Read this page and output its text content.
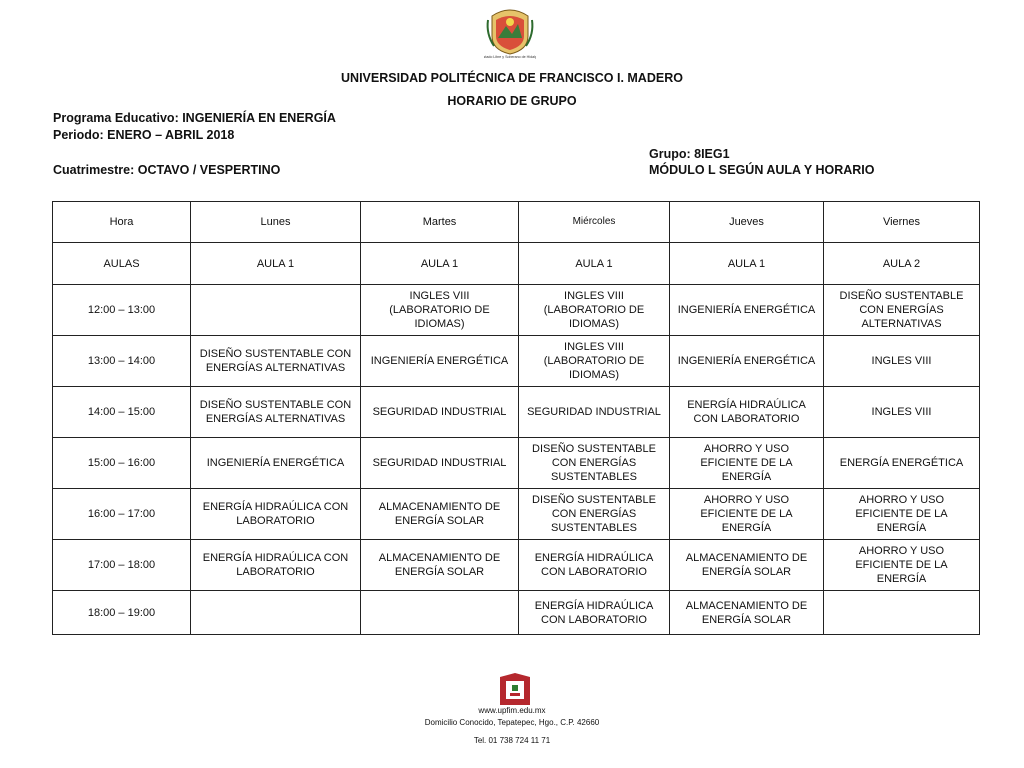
Estado Libre y Soberano de Hidalgo
UNIVERSIDAD POLITÉCNICA DE FRANCISCO I. MADERO
HORARIO DE GRUPO
Programa Educativo: INGENIERÍA EN ENERGÍA
Periodo: ENERO – ABRIL 2018
Cuatrimestre: OCTAVO / VESPERTINO
Grupo: 8IEG1
MÓDULO L SEGÚN AULA Y HORARIO
Hora	Lunes	Martes	Miércoles	Jueves	Viernes
AULAS	AULA 1	AULA 1	AULA 1	AULA 1	AULA 2
12:00 – 13:00		INGLES VIII (LABORATORIO DE IDIOMAS)	INGLES VIII (LABORATORIO DE IDIOMAS)	INGENIERÍA ENERGÉTICA	DISEÑO SUSTENTABLE CON ENERGÍAS ALTERNATIVAS
13:00 – 14:00	DISEÑO SUSTENTABLE CON ENERGÍAS ALTERNATIVAS	INGENIERÍA ENERGÉTICA	INGLES VIII (LABORATORIO DE IDIOMAS)	INGENIERÍA ENERGÉTICA	INGLES VIII
14:00 – 15:00	DISEÑO SUSTENTABLE CON ENERGÍAS ALTERNATIVAS	SEGURIDAD INDUSTRIAL	SEGURIDAD INDUSTRIAL	ENERGÍA HIDRAÚLICA CON LABORATORIO	INGLES VIII
15:00 – 16:00	INGENIERÍA ENERGÉTICA	SEGURIDAD INDUSTRIAL	DISEÑO SUSTENTABLE CON ENERGÍAS SUSTENTABLES	AHORRO Y USO EFICIENTE DE LA ENERGÍA	ENERGÍA ENERGÉTICA
16:00 – 17:00	ENERGÍA HIDRAÚLICA CON LABORATORIO	ALMACENAMIENTO DE ENERGÍA SOLAR	DISEÑO SUSTENTABLE CON ENERGÍAS SUSTENTABLES	AHORRO Y USO EFICIENTE DE LA ENERGÍA	AHORRO Y USO EFICIENTE DE LA ENERGÍA
17:00 – 18:00	ENERGÍA HIDRAÚLICA CON LABORATORIO	ALMACENAMIENTO DE ENERGÍA SOLAR	ENERGÍA HIDRAÚLICA CON LABORATORIO	ALMACENAMIENTO DE ENERGÍA SOLAR	AHORRO Y USO EFICIENTE DE LA ENERGÍA
18:00 – 19:00			ENERGÍA HIDRAÚLICA CON LABORATORIO	ALMACENAMIENTO DE ENERGÍA SOLAR	
www.upfim.edu.mx
Domicilio Conocido, Tepatepec, Hgo., C.P. 42660
Tel. 01 738 724 11 71
